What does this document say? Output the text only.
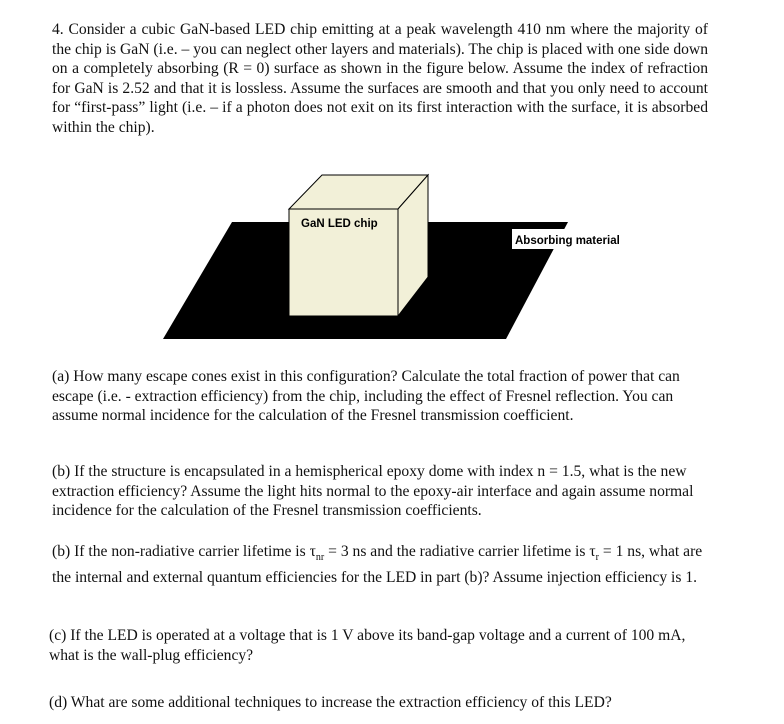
4. Consider a cubic GaN-based LED chip emitting at a peak wavelength 410 nm where the majority of the chip is GaN (i.e. – you can neglect other layers and materials). The chip is placed with one side down on a completely absorbing (R = 0) surface as shown in the figure below. Assume the index of refraction for GaN is 2.52 and that it is lossless. Assume the surfaces are smooth and that you only need to account for “first-pass” light (i.e. – if a photon does not exit on its first interaction with the surface, it is absorbed within the chip).

GaN LED chip
Absorbing material

(a) How many escape cones exist in this configuration? Calculate the total fraction of power that can escape (i.e. - extraction efficiency) from the chip, including the effect of Fresnel reflection. You can assume normal incidence for the calculation of the Fresnel transmission coefficient.

(b) If the structure is encapsulated in a hemispherical epoxy dome with index n = 1.5, what is the new extraction efficiency? Assume the light hits normal to the epoxy-air interface and again assume normal incidence for the calculation of the Fresnel transmission coefficients.

(b) If the non-radiative carrier lifetime is $\tau_{nr} = 3$ ns and the radiative carrier lifetime is $\tau_r = 1$ ns, what are the internal and external quantum efficiencies for the LED in part (b)? Assume injection efficiency is 1.

(c) If the LED is operated at a voltage that is 1 V above its band-gap voltage and a current of 100 mA, what is the wall-plug efficiency?

(d) What are some additional techniques to increase the extraction efficiency of this LED?
